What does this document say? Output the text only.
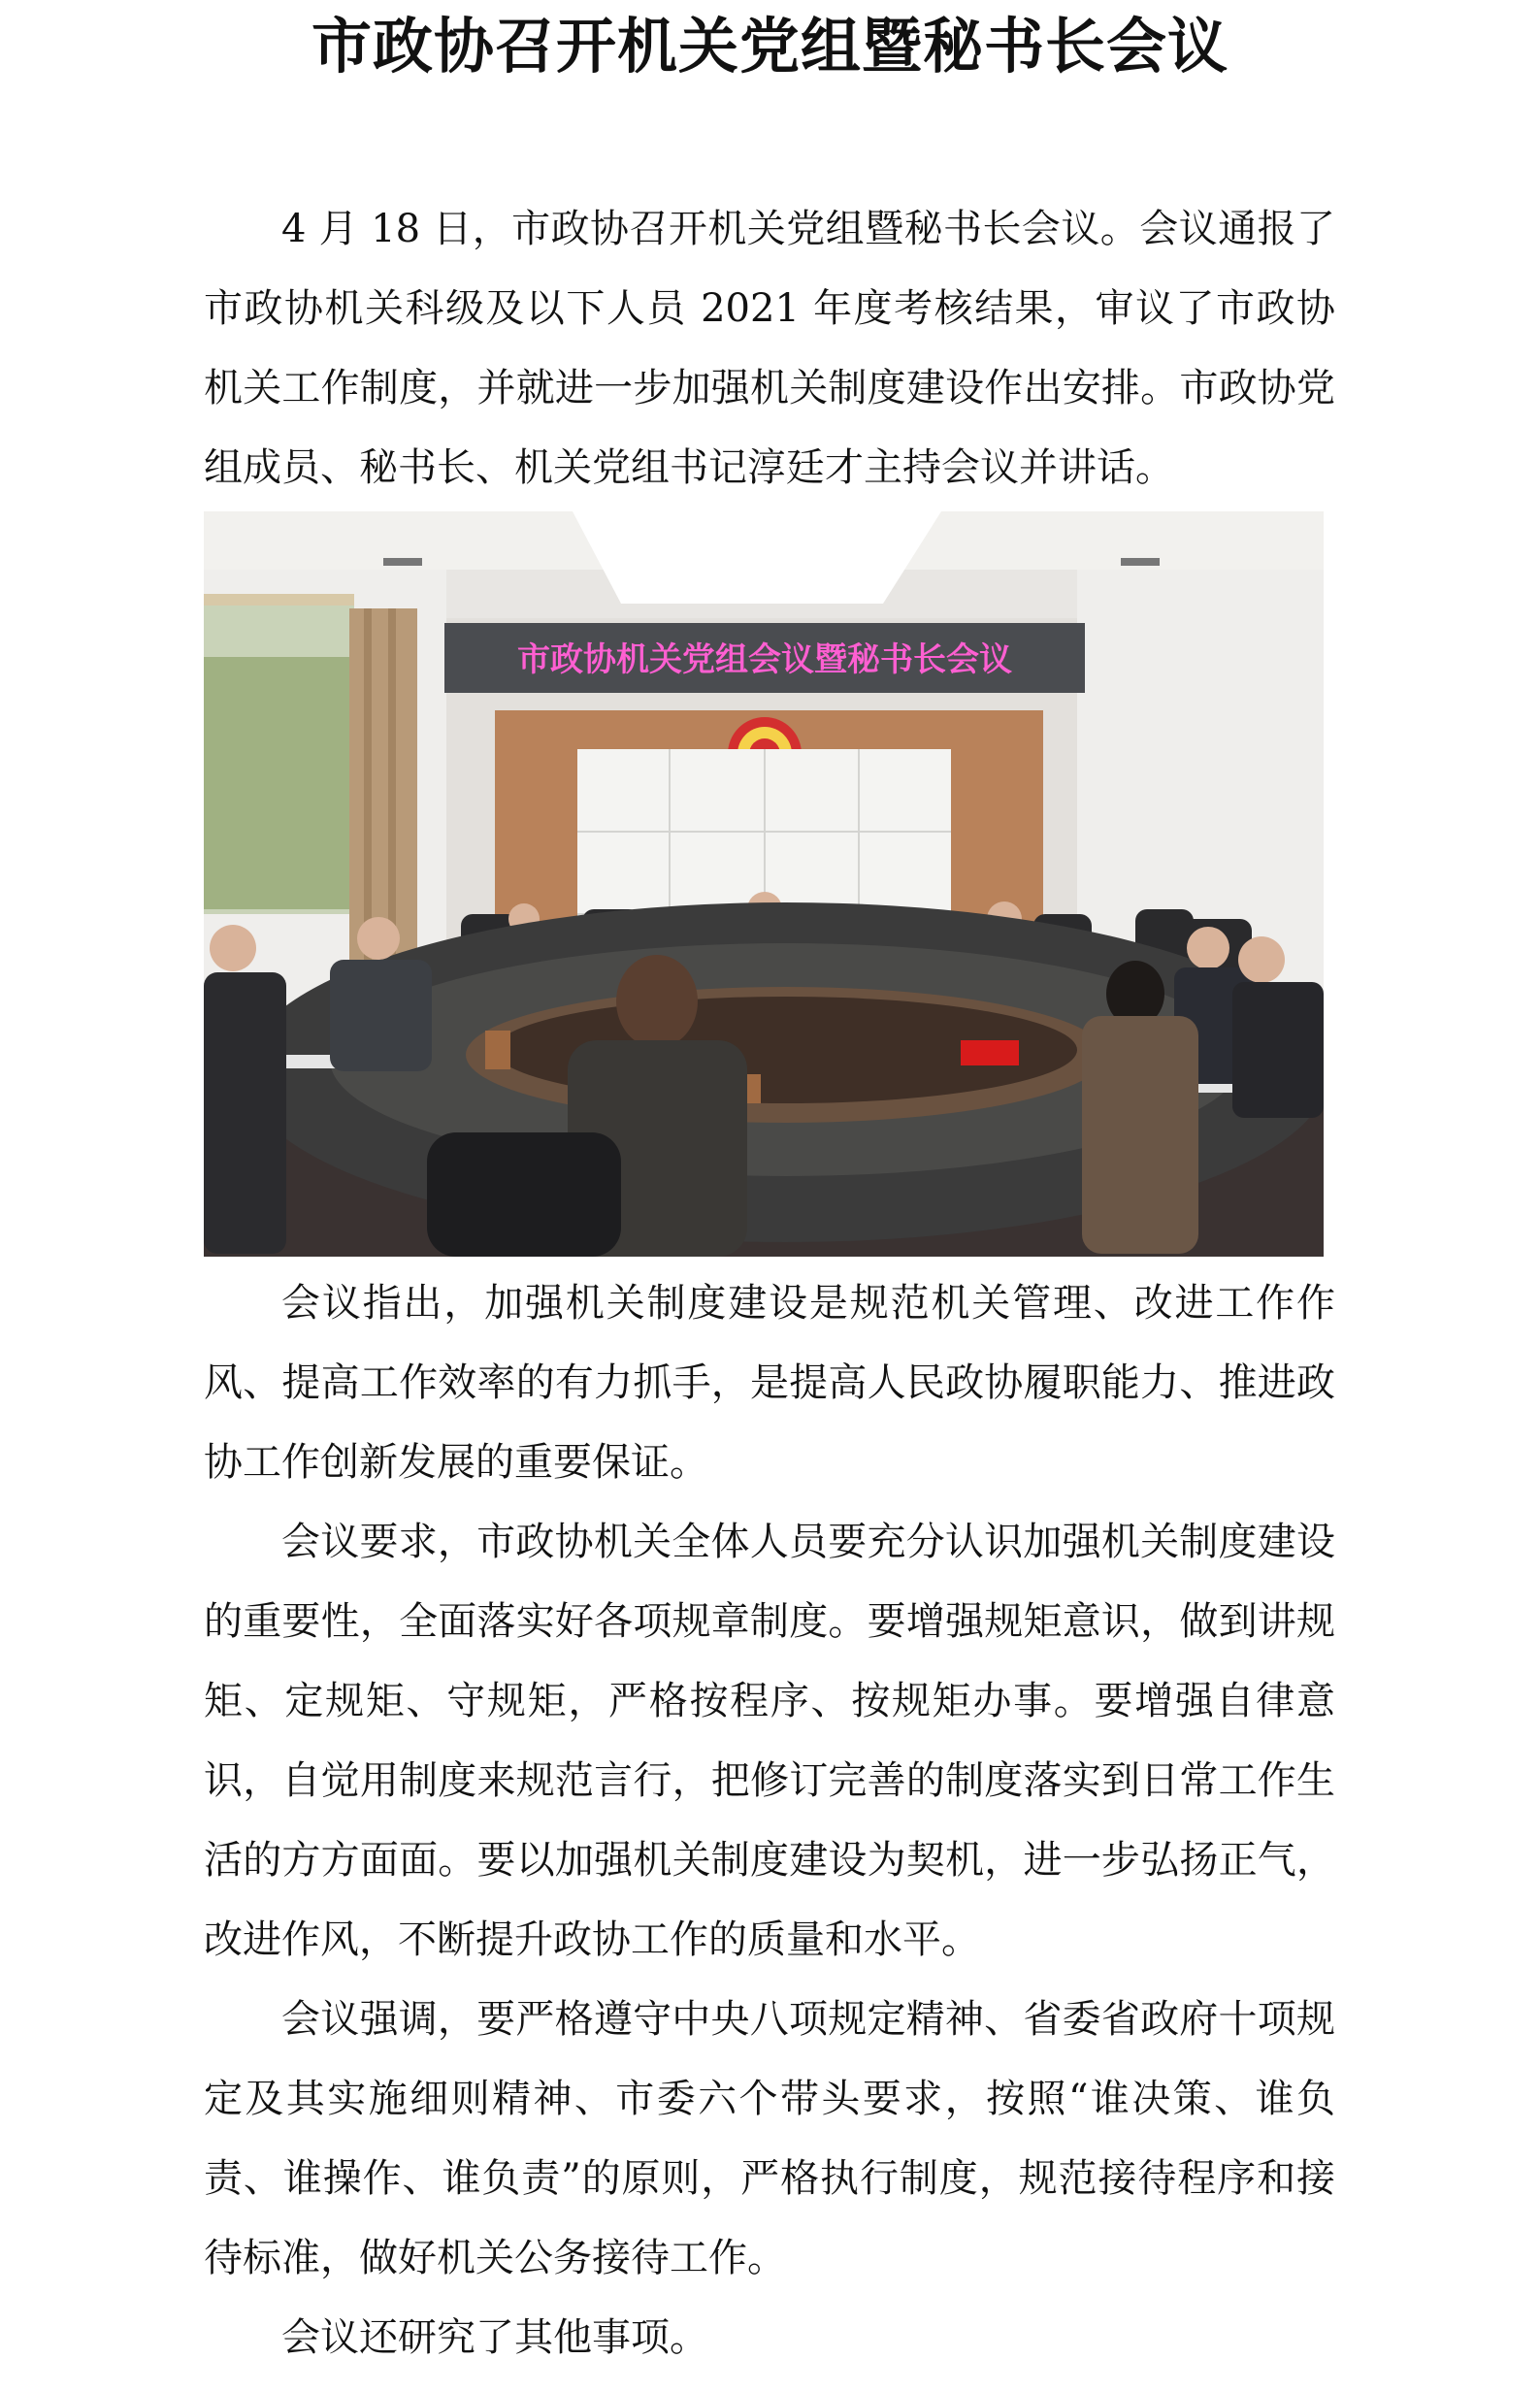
市政协召开机关党组暨秘书长会议

4 月 18 日，市政协召开机关党组暨秘书长会议。会议通报了市政协机关科级及以下人员 2021 年度考核结果，审议了市政协机关工作制度，并就进一步加强机关制度建设作出安排。市政协党组成员、秘书长、机关党组书记淳廷才主持会议并讲话。

市政协机关党组会议暨秘书长会议

会议指出，加强机关制度建设是规范机关管理、改进工作作风、提高工作效率的有力抓手，是提高人民政协履职能力、推进政协工作创新发展的重要保证。

会议要求，市政协机关全体人员要充分认识加强机关制度建设的重要性，全面落实好各项规章制度。要增强规矩意识，做到讲规矩、定规矩、守规矩，严格按程序、按规矩办事。要增强自律意识，自觉用制度来规范言行，把修订完善的制度落实到日常工作生活的方方面面。要以加强机关制度建设为契机，进一步弘扬正气，改进作风，不断提升政协工作的质量和水平。

会议强调，要严格遵守中央八项规定精神、省委省政府十项规定及其实施细则精神、市委六个带头要求，按照“谁决策、谁负责、谁操作、谁负责”的原则，严格执行制度，规范接待程序和接待标准，做好机关公务接待工作。

会议还研究了其他事项。
